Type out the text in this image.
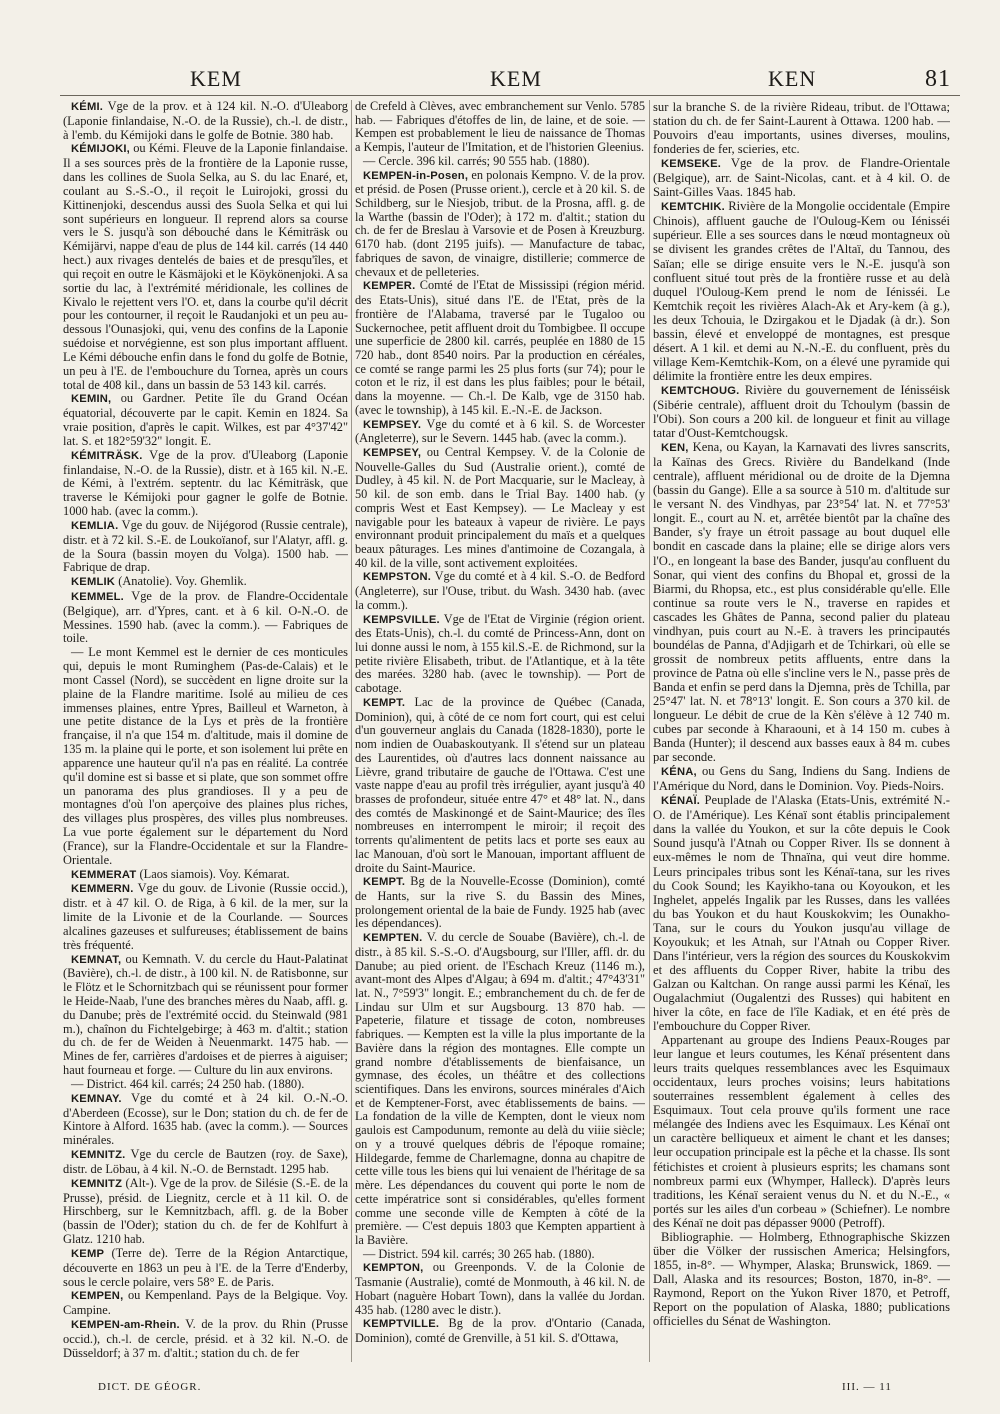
KEM	KEM	KEN	81

KÉMI. Vge de la prov. et à 124 kil. N.-O. d'Uleaborg (Laponie finlandaise, N.-O. de la Russie), ch.-l. de distr., à l'emb. du Kémijoki dans le golfe de Botnie. 380 hab.

KÉMIJOKI, ou Kémi. Fleuve de la Laponie finlandaise. Il a ses sources près de la frontière de la Laponie russe, dans les collines de Suola Selka, au S. du lac Enaré, et, coulant au S.-S.-O., il reçoit le Luirojoki, grossi du Kittinenjoki, descendus aussi des Suola Selka et qui lui sont supérieurs en longueur. Il reprend alors sa course vers le S. jusqu'à son débouché dans le Kémiträsk ou Kémijärvi, nappe d'eau de plus de 144 kil. carrés (14 440 hect.) aux rivages dentelés de baies et de presqu'îles, et qui reçoit en outre le Käsmäjoki et le Köykönenjoki. A sa sortie du lac, à l'extrémité méridionale, les collines de Kivalo le rejettent vers l'O. et, dans la courbe qu'il décrit pour les contourner, il reçoit le Raudanjoki et un peu au-dessous l'Ounasjoki, qui, venu des confins de la Laponie suédoise et norvégienne, est son plus important affluent. Le Kémi débouche enfin dans le fond du golfe de Botnie, un peu à l'E. de l'embouchure du Tornea, après un cours total de 408 kil., dans un bassin de 53 143 kil. carrés.

KEMIN, ou Gardner. Petite île du Grand Océan équatorial, découverte par le capit. Kemin en 1824. Sa vraie position, d'après le capit. Wilkes, est par 4°37'42" lat. S. et 182°59'32" longit. E.

KÉMITRÄSK. Vge de la prov. d'Uleaborg (Laponie finlandaise, N.-O. de la Russie), distr. et à 165 kil. N.-E. de Kémi, à l'extrém. septentr. du lac Kémiträsk, que traverse le Kémijoki pour gagner le golfe de Botnie. 1000 hab. (avec la comm.).

KEMLIA. Vge du gouv. de Nijégorod (Russie centrale), distr. et à 72 kil. S.-E. de Loukoïanof, sur l'Alatyr, affl. g. de la Soura (bassin moyen du Volga). 1500 hab. — Fabrique de drap.

KEMLIK (Anatolie). Voy. Ghemlik.

KEMMEL. Vge de la prov. de Flandre-Occidentale (Belgique), arr. d'Ypres, cant. et à 6 kil. O-N.-O. de Messines. 1590 hab. (avec la comm.). — Fabriques de toile.

— Le mont Kemmel est le dernier de ces monticules qui, depuis le mont Ruminghem (Pas-de-Calais) et le mont Cassel (Nord), se succèdent en ligne droite sur la plaine de la Flandre maritime. Isolé au milieu de ces immenses plaines, entre Ypres, Bailleul et Warneton, à une petite distance de la Lys et près de la frontière française, il n'a que 154 m. d'altitude, mais il domine de 135 m. la plaine qui le porte, et son isolement lui prête en apparence une hauteur qu'il n'a pas en réalité. La contrée qu'il domine est si basse et si plate, que son sommet offre un panorama des plus grandioses. Il y a peu de montagnes d'où l'on aperçoive des plaines plus riches, des villages plus prospères, des villes plus nombreuses. La vue porte également sur le département du Nord (France), sur la Flandre-Occidentale et sur la Flandre-Orientale.

KEMMERAT (Laos siamois). Voy. Kémarat.

KEMMERN. Vge du gouv. de Livonie (Russie occid.), distr. et à 47 kil. O. de Riga, à 6 kil. de la mer, sur la limite de la Livonie et de la Courlande. — Sources alcalines gazeuses et sulfureuses; établissement de bains très fréquenté.

KEMNAT, ou Kemnath. V. du cercle du Haut-Palatinat (Bavière), ch.-l. de distr., à 100 kil. N. de Ratisbonne, sur le Flötz et le Schornitzbach qui se réunissent pour former le Heide-Naab, l'une des branches mères du Naab, affl. g. du Danube; près de l'extrémité occid. du Steinwald (981 m.), chaînon du Fichtelgebirge; à 463 m. d'altit.; station du ch. de fer de Weiden à Neuenmarkt. 1475 hab. — Mines de fer, carrières d'ardoises et de pierres à aiguiser; haut fourneau et forge. — Culture du lin aux environs.

— District. 464 kil. carrés; 24 250 hab. (1880).

KEMNAY. Vge du comté et à 24 kil. O.-N.-O. d'Aberdeen (Ecosse), sur le Don; station du ch. de fer de Kintore à Alford. 1635 hab. (avec la comm.). — Sources minérales.

KEMNITZ. Vge du cercle de Bautzen (roy. de Saxe), distr. de Löbau, à 4 kil. N.-O. de Bernstadt. 1295 hab.

KEMNITZ (Alt-). Vge de la prov. de Silésie (S.-E. de la Prusse), présid. de Liegnitz, cercle et à 11 kil. O. de Hirschberg, sur le Kemnitzbach, affl. g. de la Bober (bassin de l'Oder); station du ch. de fer de Kohlfurt à Glatz. 1210 hab.

KEMP (Terre de). Terre de la Région Antarctique, découverte en 1863 un peu à l'E. de la Terre d'Enderby, sous le cercle polaire, vers 58° E. de Paris.

KEMPEN, ou Kempenland. Pays de la Belgique. Voy. Campine.

KEMPEN-am-Rhein. V. de la prov. du Rhin (Prusse occid.), ch.-l. de cercle, présid. et à 32 kil. N.-O. de Düsseldorf; à 37 m. d'altit.; station du ch. de fer

de Crefeld à Clèves, avec embranchement sur Venlo. 5785 hab. — Fabriques d'étoffes de lin, de laine, et de soie. — Kempen est probablement le lieu de naissance de Thomas a Kempis, l'auteur de l'Imitation, et de l'historien Gleenius.

— Cercle. 396 kil. carrés; 90 555 hab. (1880).

KEMPEN-in-Posen, en polonais Kempno. V. de la prov. et présid. de Posen (Prusse orient.), cercle et à 20 kil. S. de Schildberg, sur le Niesjob, tribut. de la Prosna, affl. g. de la Warthe (bassin de l'Oder); à 172 m. d'altit.; station du ch. de fer de Breslau à Varsovie et de Posen à Kreuzburg. 6170 hab. (dont 2195 juifs). — Manufacture de tabac, fabriques de savon, de vinaigre, distillerie; commerce de chevaux et de pelleteries.

KEMPER. Comté de l'Etat de Mississipi (région mérid. des Etats-Unis), situé dans l'E. de l'Etat, près de la frontière de l'Alabama, traversé par le Tugaloo ou Suckernochee, petit affluent droit du Tombigbee. Il occupe une superficie de 2800 kil. carrés, peuplée en 1880 de 15 720 hab., dont 8540 noirs. Par la production en céréales, ce comté se range parmi les 25 plus forts (sur 74); pour le coton et le riz, il est dans les plus faibles; pour le bétail, dans la moyenne. — Ch.-l. De Kalb, vge de 3150 hab. (avec le township), à 145 kil. E.-N.-E. de Jackson.

KEMPSEY. Vge du comté et à 6 kil. S. de Worcester (Angleterre), sur le Severn. 1445 hab. (avec la comm.).

KEMPSEY, ou Central Kempsey. V. de la Colonie de Nouvelle-Galles du Sud (Australie orient.), comté de Dudley, à 45 kil. N. de Port Macquarie, sur le Macleay, à 50 kil. de son emb. dans le Trial Bay. 1400 hab. (y compris West et East Kempsey). — Le Macleay y est navigable pour les bateaux à vapeur de rivière. Le pays environnant produit principalement du maïs et a quelques beaux pâturages. Les mines d'antimoine de Cozangala, à 40 kil. de la ville, sont activement exploitées.

KEMPSTON. Vge du comté et à 4 kil. S.-O. de Bedford (Angleterre), sur l'Ouse, tribut. du Wash. 3430 hab. (avec la comm.).

KEMPSVILLE. Vge de l'Etat de Virginie (région orient. des Etats-Unis), ch.-l. du comté de Princess-Ann, dont on lui donne aussi le nom, à 155 kil.S.-E. de Richmond, sur la petite rivière Elisabeth, tribut. de l'Atlantique, et à la tête des marées. 3280 hab. (avec le township). — Port de cabotage.

KEMPT. Lac de la province de Québec (Canada, Dominion), qui, à côté de ce nom fort court, qui est celui d'un gouverneur anglais du Canada (1828-1830), porte le nom indien de Ouabaskoutyank. Il s'étend sur un plateau des Laurentides, où d'autres lacs donnent naissance au Lièvre, grand tributaire de gauche de l'Ottawa. C'est une vaste nappe d'eau au profil très irrégulier, ayant jusqu'à 40 brasses de profondeur, située entre 47° et 48° lat. N., dans des comtés de Maskinongé et de Saint-Maurice; des îles nombreuses en interrompent le miroir; il reçoit des torrents qu'alimentent de petits lacs et porte ses eaux au lac Manouan, d'où sort le Manouan, important affluent de droite du Saint-Maurice.

KEMPT. Bg de la Nouvelle-Ecosse (Dominion), comté de Hants, sur la rive S. du Bassin des Mines, prolongement oriental de la baie de Fundy. 1925 hab (avec les dépendances).

KEMPTEN. V. du cercle de Souabe (Bavière), ch.-l. de distr., à 85 kil. S.-S.-O. d'Augsbourg, sur l'Iller, affl. dr. du Danube; au pied orient. de l'Eschach Kreuz (1146 m.), avant-mont des Alpes d'Algau; à 694 m. d'altit.; 47°43'31" lat. N., 7°59'3" longit. E.; embranchement du ch. de fer de Lindau sur Ulm et sur Augsbourg. 13 870 hab. — Papeterie, filature et tissage de coton, nombreuses fabriques. — Kempten est la ville la plus importante de la Bavière dans la région des montagnes. Elle compte un grand nombre d'établissements de bienfaisance, un gymnase, des écoles, un théâtre et des collections scientifiques. Dans les environs, sources minérales d'Aich et de Kemptener-Forst, avec établissements de bains. — La fondation de la ville de Kempten, dont le vieux nom gaulois est Campodunum, remonte au delà du viiie siècle; on y a trouvé quelques débris de l'époque romaine; Hildegarde, femme de Charlemagne, donna au chapitre de cette ville tous les biens qui lui venaient de l'héritage de sa mère. Les dépendances du couvent qui porte le nom de cette impératrice sont si considérables, qu'elles forment comme une seconde ville de Kempten à côté de la première. — C'est depuis 1803 que Kempten appartient à la Bavière.

— District. 594 kil. carrés; 30 265 hab. (1880).

KEMPTON, ou Greenponds. V. de la Colonie de Tasmanie (Australie), comté de Monmouth, à 46 kil. N. de Hobart (naguère Hobart Town), dans la vallée du Jordan. 435 hab. (1280 avec le distr.).

KEMPTVILLE. Bg de la prov. d'Ontario (Canada, Dominion), comté de Grenville, à 51 kil. S. d'Ottawa,

sur la branche S. de la rivière Rideau, tribut. de l'Ottawa; station du ch. de fer Saint-Laurent à Ottawa. 1200 hab. — Pouvoirs d'eau importants, usines diverses, moulins, fonderies de fer, scieries, etc.

KEMSEKE. Vge de la prov. de Flandre-Orientale (Belgique), arr. de Saint-Nicolas, cant. et à 4 kil. O. de Saint-Gilles Vaas. 1845 hab.

KEMTCHIK. Rivière de la Mongolie occidentale (Empire Chinois), affluent gauche de l'Ouloug-Kem ou Iénisséi supérieur. Elle a ses sources dans le nœud montagneux où se divisent les grandes crêtes de l'Altaï, du Tannou, des Saïan; elle se dirige ensuite vers le N.-E. jusqu'à son confluent situé tout près de la frontière russe et au delà duquel l'Ouloug-Kem prend le nom de Iénisséi. Le Kemtchik reçoit les rivières Alach-Ak et Ary-kem (à g.), les deux Tchouia, le Dzirgakou et le Djadak (à dr.). Son bassin, élevé et enveloppé de montagnes, est presque désert. A 1 kil. et demi au N.-N.-E. du confluent, près du village Kem-Kemtchik-Kom, on a élevé une pyramide qui délimite la frontière entre les deux empires.

KEMTCHOUG. Rivière du gouvernement de Iénisséisk (Sibérie centrale), affluent droit du Tchoulym (bassin de l'Obi). Son cours a 200 kil. de longueur et finit au village tatar d'Oust-Kemtchougsk.

KEN, Kena, ou Kayan, la Karnavati des livres sanscrits, la Kaïnas des Grecs. Rivière du Bandelkand (Inde centrale), affluent méridional ou de droite de la Djemna (bassin du Gange). Elle a sa source à 510 m. d'altitude sur le versant N. des Vindhyas, par 23°54' lat. N. et 77°53' longit. E., court au N. et, arrêtée bientôt par la chaîne des Bander, s'y fraye un étroit passage au bout duquel elle bondit en cascade dans la plaine; elle se dirige alors vers l'O., en longeant la base des Bander, jusqu'au confluent du Sonar, qui vient des confins du Bhopal et, grossi de la Biarmi, du Rhopsa, etc., est plus considérable qu'elle. Elle continue sa route vers le N., traverse en rapides et cascades les Ghâtes de Panna, second palier du plateau vindhyan, puis court au N.-E. à travers les principautés boundélas de Panna, d'Adjigarh et de Tchirkari, où elle se grossit de nombreux petits affluents, entre dans la province de Patna où elle s'incline vers le N., passe près de Banda et enfin se perd dans la Djemna, près de Tchilla, par 25°47' lat. N. et 78°13' longit. E. Son cours a 370 kil. de longueur. Le débit de crue de la Kèn s'élève à 12 740 m. cubes par seconde à Kharaouni, et à 14 150 m. cubes à Banda (Hunter); il descend aux basses eaux à 84 m. cubes par seconde.

KÉNA, ou Gens du Sang, Indiens du Sang. Indiens de l'Amérique du Nord, dans le Dominion. Voy. Pieds-Noirs.

KÉNAÏ. Peuplade de l'Alaska (Etats-Unis, extrémité N.-O. de l'Amérique). Les Kénaï sont établis principalement dans la vallée du Youkon, et sur la côte depuis le Cook Sound jusqu'à l'Atnah ou Copper River. Ils se donnent à eux-mêmes le nom de Thnaïna, qui veut dire homme. Leurs principales tribus sont les Kénaï-tana, sur les rives du Cook Sound; les Kayikho-tana ou Koyoukon, et les Inghelet, appelés Ingalik par les Russes, dans les vallées du bas Youkon et du haut Kouskokvim; les Ounakho-Tana, sur le cours du Youkon jusqu'au village de Koyoukuk; et les Atnah, sur l'Atnah ou Copper River. Dans l'intérieur, vers la région des sources du Kouskokvim et des affluents du Copper River, habite la tribu des Galzan ou Kaltchan. On range aussi parmi les Kénaï, les Ougalachmiut (Ougalentzi des Russes) qui habitent en hiver la côte, en face de l'île Kadiak, et en été près de l'embouchure du Copper River.

Appartenant au groupe des Indiens Peaux-Rouges par leur langue et leurs coutumes, les Kénaï présentent dans leurs traits quelques ressemblances avec les Esquimaux occidentaux, leurs proches voisins; leurs habitations souterraines ressemblent également à celles des Esquimaux. Tout cela prouve qu'ils forment une race mélangée des Indiens avec les Esquimaux. Les Kénaï ont un caractère belliqueux et aiment le chant et les danses; leur occupation principale est la pêche et la chasse. Ils sont fétichistes et croient à plusieurs esprits; les chamans sont nombreux parmi eux (Whymper, Halleck). D'après leurs traditions, les Kénaï seraient venus du N. et du N.-E., « portés sur les ailes d'un corbeau » (Schiefner). Le nombre des Kénaï ne doit pas dépasser 9000 (Petroff).

Bibliographie. — Holmberg, Ethnographische Skizzen über die Völker der russischen America; Helsingfors, 1855, in-8°. — Whymper, Alaska; Brunswick, 1869. — Dall, Alaska and its resources; Boston, 1870, in-8°. — Raymond, Report on the Yukon River 1870, et Petroff, Report on the population of Alaska, 1880; publications officielles du Sénat de Washington.

DICT. DE GÉOGR.	III. — 11
